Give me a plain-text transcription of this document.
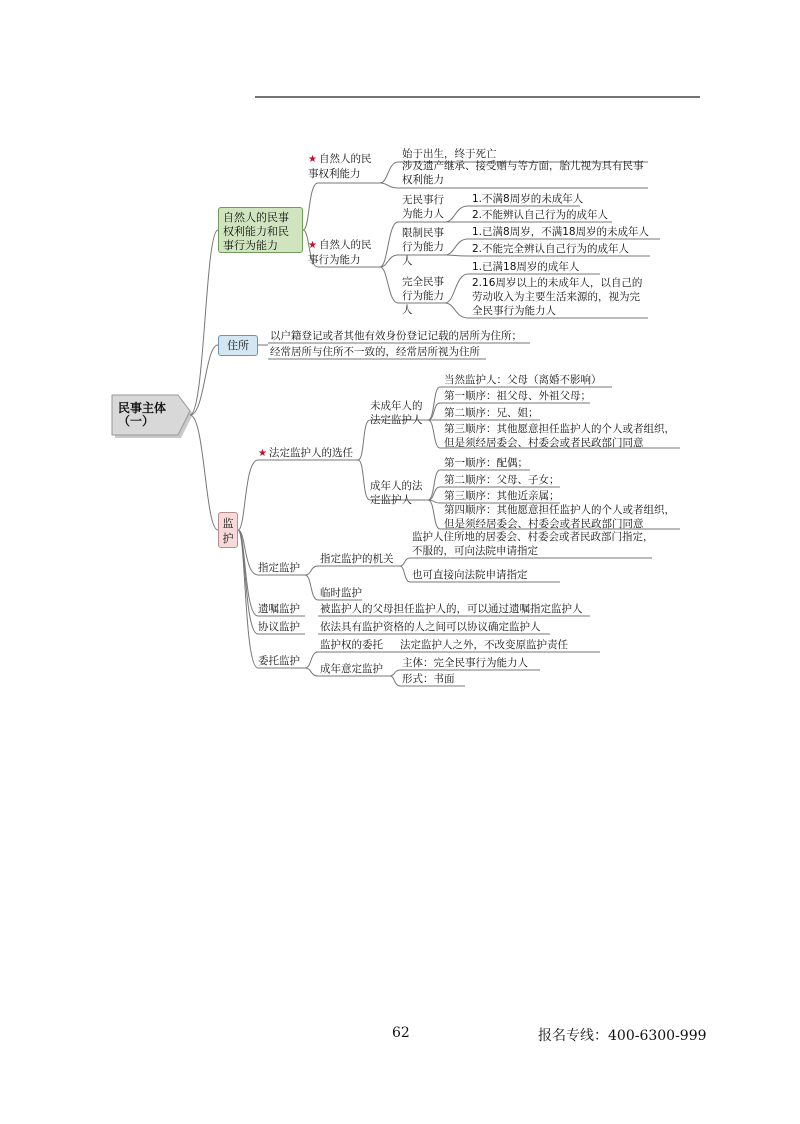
民事主体（一）
自然人的民事权利能力和民事行为能力
★ 自然人的民事权利能力
始于出生，终于死亡
涉及遗产继承、接受赠与等方面，胎儿视为具有民事权利能力
★ 自然人的民事行为能力
无民事行为能力人
1.不满8周岁的未成年人
2.不能辨认自己行为的成年人
限制民事行为能力人
1.已满8周岁，不满18周岁的未成年人
2.不能完全辨认自己行为的成年人
完全民事行为能力人
1.已满18周岁的成年人
2.16周岁以上的未成年人，以自己的劳动收入为主要生活来源的，视为完全民事行为能力人
住所
以户籍登记或者其他有效身份登记记载的居所为住所；
经常居所与住所不一致的，经常居所视为住所
监护
★ 法定监护人的选任
未成年人的法定监护人
当然监护人：父母（离婚不影响）
第一顺序：祖父母、外祖父母；
第二顺序：兄、姐；
第三顺序：其他愿意担任监护人的个人或者组织，但是须经居委会、村委会或者民政部门同意
成年人的法定监护人
第一顺序：配偶；
第二顺序：父母、子女；
第三顺序：其他近亲属；
第四顺序：其他愿意担任监护人的个人或者组织，但是须经居委会、村委会或者民政部门同意
指定监护
指定监护的机关
监护人住所地的居委会、村委会或者民政部门指定，不服的，可向法院申请指定
也可直接向法院申请指定
临时监护
遗嘱监护 被监护人的父母担任监护人的，可以通过遗嘱指定监护人
协议监护 依法具有监护资格的人之间可以协议确定监护人
委托监护
监护权的委托 法定监护人之外，不改变原监护责任
成年意定监护 主体：完全民事行为能力人
形式：书面
62	报名专线：400-6300-999
